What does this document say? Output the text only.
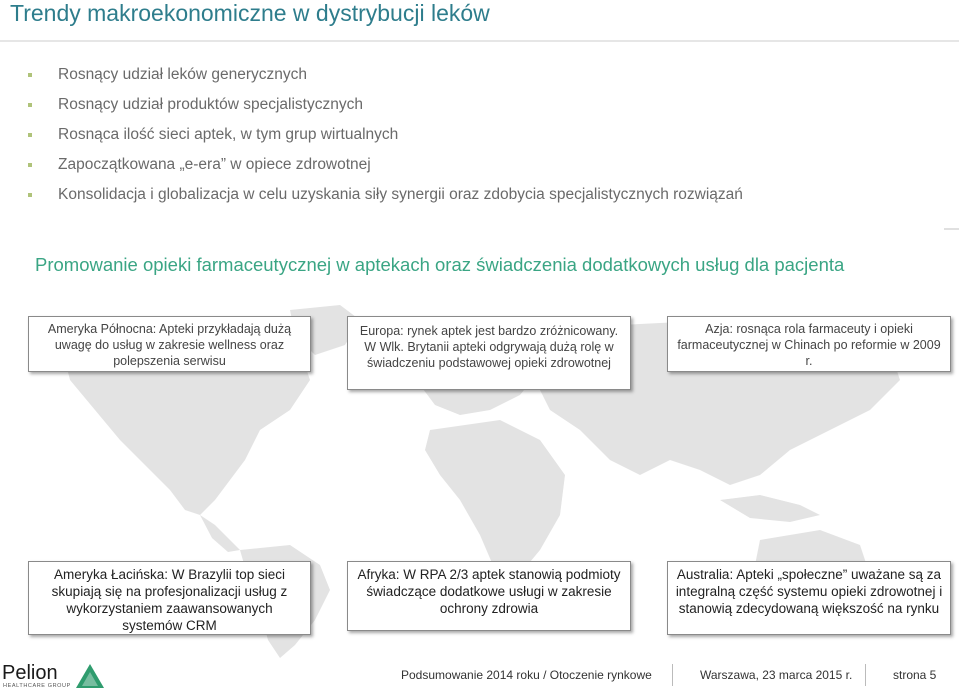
Trendy makroekonomiczne w dystrybucji leków
Rosnący udział leków generycznych
Rosnący udział produktów specjalistycznych
Rosnąca ilość sieci aptek, w tym grup wirtualnych
Zapoczątkowana „e-era” w opiece zdrowotnej
Konsolidacja i globalizacja w celu uzyskania siły synergii oraz zdobycia specjalistycznych rozwiązań
Promowanie opieki farmaceutycznej w aptekach oraz świadczenia dodatkowych usług dla pacjenta
Ameryka Północna: Apteki przykładają dużą uwagę do usług w zakresie wellness oraz polepszenia serwisu
Europa: rynek aptek jest bardzo zróżnicowany. W Wlk. Brytanii apteki odgrywają dużą rolę w świadczeniu podstawowej opieki zdrowotnej
Azja: rosnąca rola farmaceuty i opieki farmaceutycznej w Chinach po reformie w 2009 r.
Ameryka Łacińska: W Brazylii top sieci skupiają się na profesjonalizacji usług z wykorzystaniem zaawansowanych systemów CRM
Afryka: W RPA 2/3 aptek stanowią podmioty świadczące dodatkowe usługi w zakresie ochrony zdrowia
Australia: Apteki „społeczne” uważane są za integralną część systemu opieki zdrowotnej i stanowią zdecydowaną większość na rynku
Pelion
HEALTHCARE GROUP
Podsumowanie 2014 roku / Otoczenie rynkowe	Warszawa, 23 marca 2015 r.	strona 5
